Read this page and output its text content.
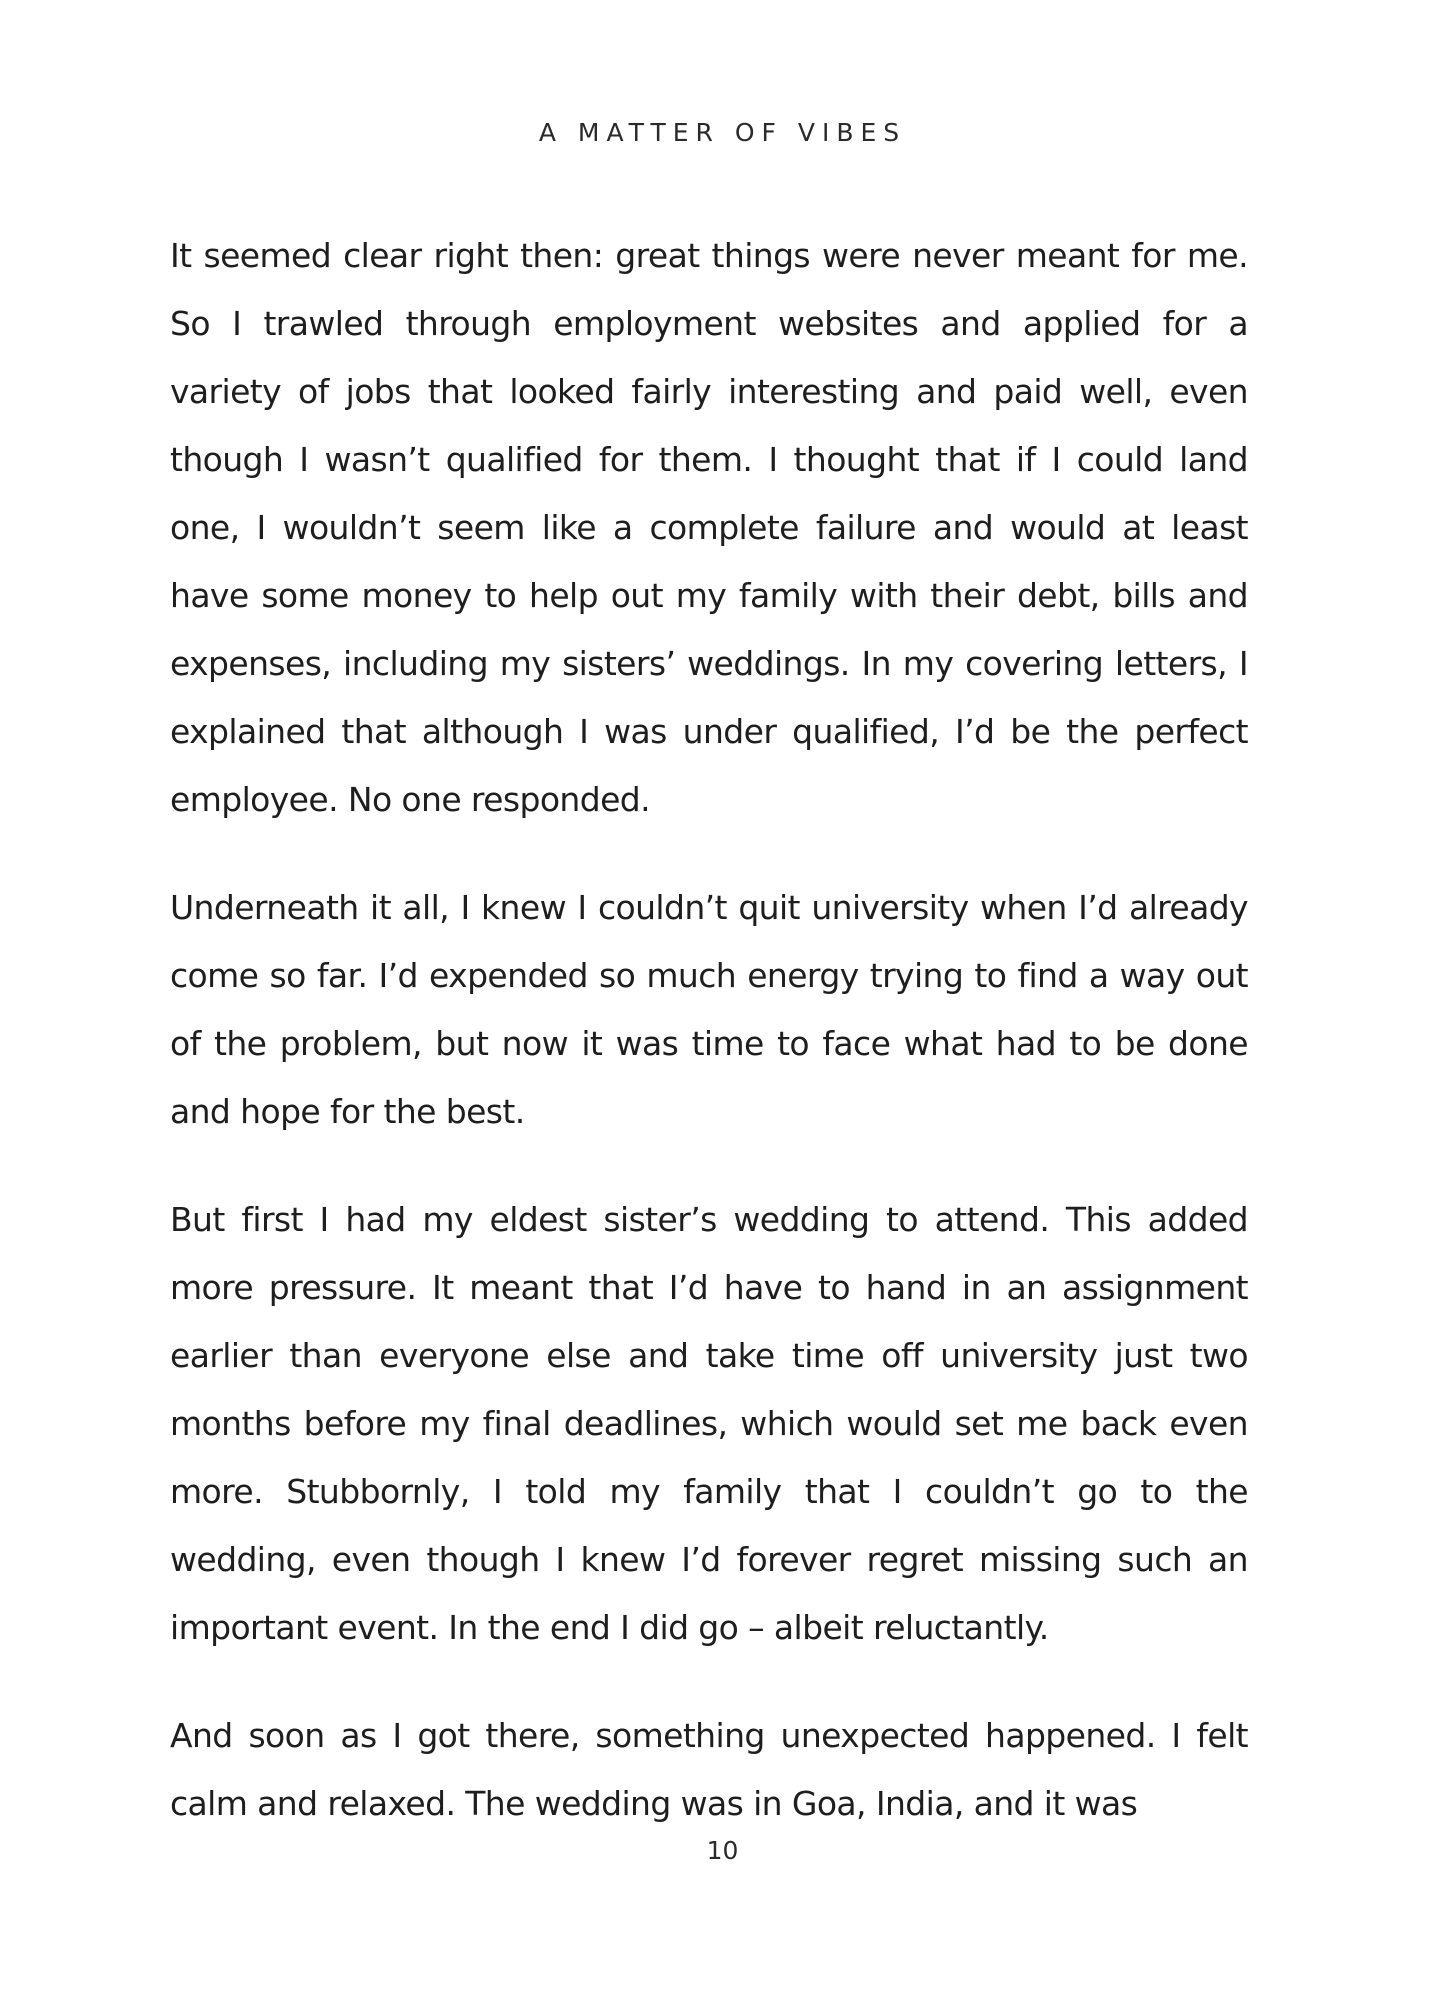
A MATTER OF VIBES

It seemed clear right then: great things were never meant for me. So I trawled through employment websites and applied for a variety of jobs that looked fairly interesting and paid well, even though I wasn’t qualified for them. I thought that if I could land one, I wouldn’t seem like a complete failure and would at least have some money to help out my family with their debt, bills and expenses, including my sisters’ weddings. In my covering letters, I explained that although I was under qualified, I’d be the perfect employee. No one responded.

Underneath it all, I knew I couldn’t quit university when I’d already come so far. I’d expended so much energy trying to find a way out of the problem, but now it was time to face what had to be done and hope for the best.

But first I had my eldest sister’s wedding to attend. This added more pressure. It meant that I’d have to hand in an assignment earlier than everyone else and take time off university just two months before my final deadlines, which would set me back even more. Stubbornly, I told my family that I couldn’t go to the wedding, even though I knew I’d forever regret missing such an important event. In the end I did go – albeit reluctantly.

And soon as I got there, something unexpected happened. I felt calm and relaxed. The wedding was in Goa, India, and it was

10
